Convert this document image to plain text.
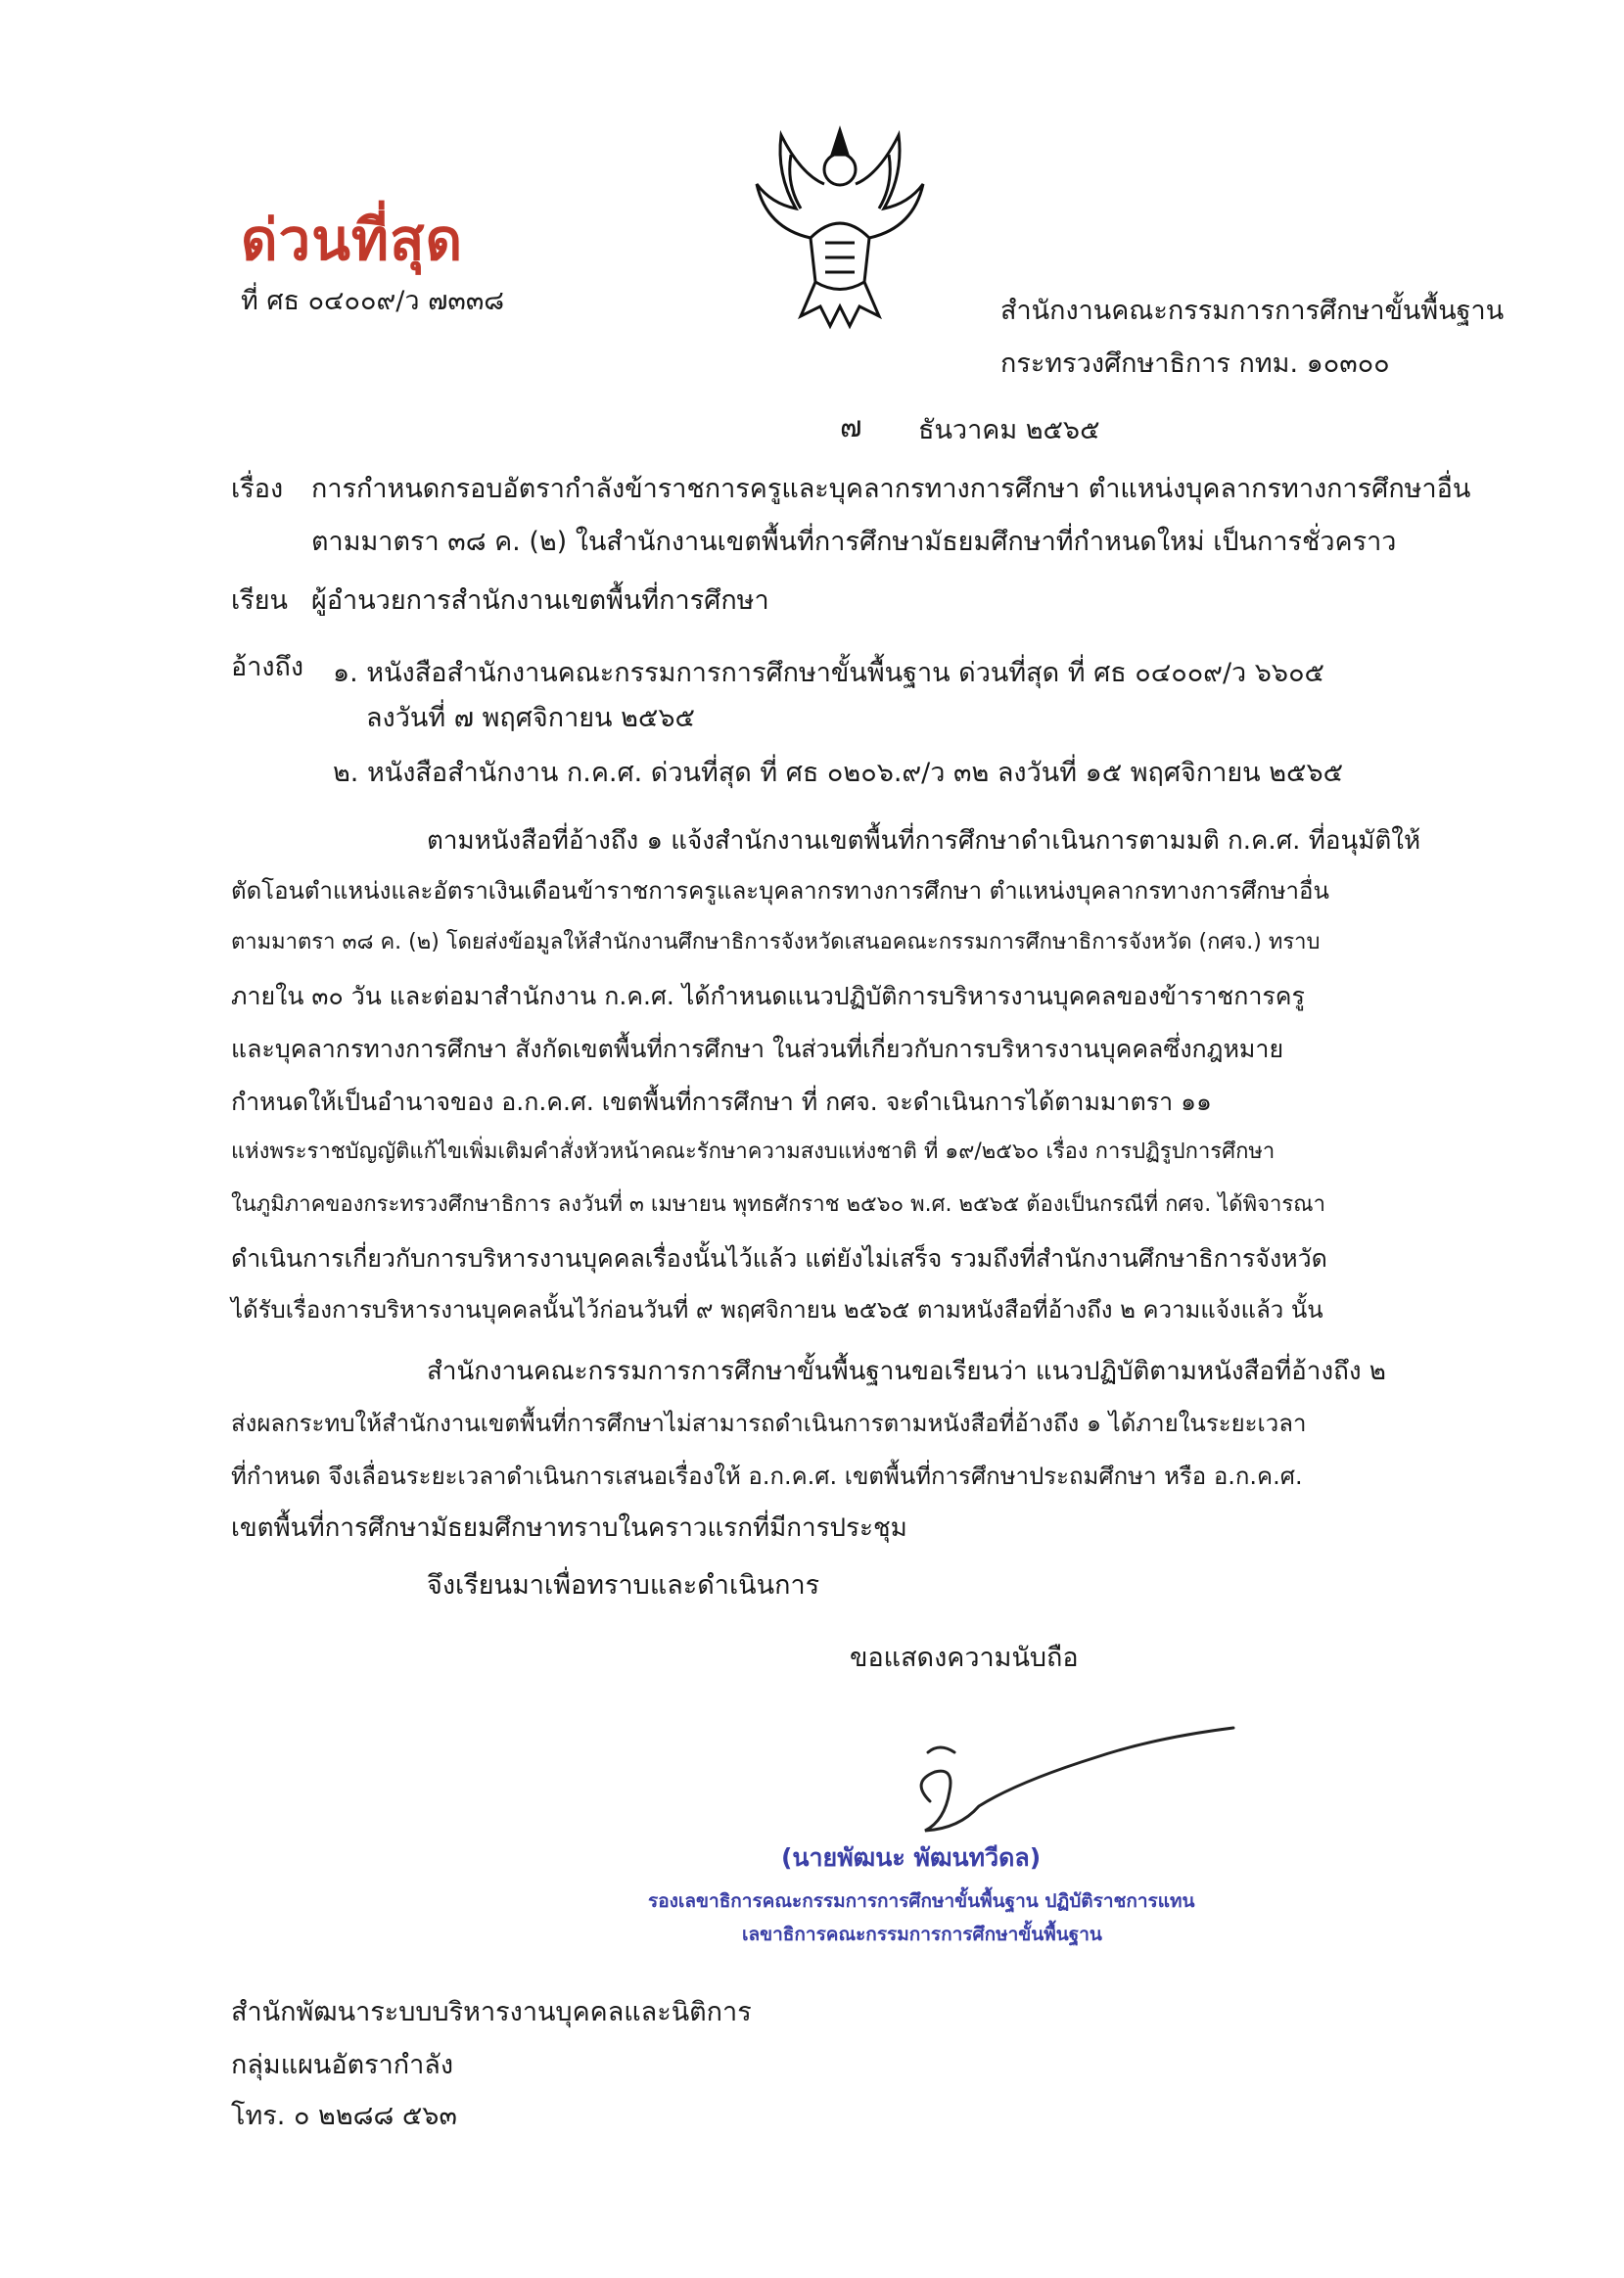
ด่วนที่สุด
ที่ ศธ ๐๔๐๐๙/ว ๗๓๓๘	สำนักงานคณะกรรมการการศึกษาขั้นพื้นฐาน
กระทรวงศึกษาธิการ กทม. ๑๐๓๐๐
๗ ธันวาคม ๒๕๖๕
เรื่อง การกำหนดกรอบอัตรากำลังข้าราชการครูและบุคลากรทางการศึกษา ตำแหน่งบุคลากรทางการศึกษาอื่น
ตามมาตรา ๓๘ ค. (๒) ในสำนักงานเขตพื้นที่การศึกษามัธยมศึกษาที่กำหนดใหม่ เป็นการชั่วคราว
เรียน ผู้อำนวยการสำนักงานเขตพื้นที่การศึกษา
อ้างถึง ๑. หนังสือสำนักงานคณะกรรมการการศึกษาขั้นพื้นฐาน ด่วนที่สุด ที่ ศธ ๐๔๐๐๙/ว ๖๖๐๕
ลงวันที่ ๗ พฤศจิกายน ๒๕๖๕
๒. หนังสือสำนักงาน ก.ค.ศ. ด่วนที่สุด ที่ ศธ ๐๒๐๖.๙/ว ๓๒ ลงวันที่ ๑๕ พฤศจิกายน ๒๕๖๕
ตามหนังสือที่อ้างถึง ๑ แจ้งสำนักงานเขตพื้นที่การศึกษาดำเนินการตามมติ ก.ค.ศ. ที่อนุมัติให้
ตัดโอนตำแหน่งและอัตราเงินเดือนข้าราชการครูและบุคลากรทางการศึกษา ตำแหน่งบุคลากรทางการศึกษาอื่น
ตามมาตรา ๓๘ ค. (๒) โดยส่งข้อมูลให้สำนักงานศึกษาธิการจังหวัดเสนอคณะกรรมการศึกษาธิการจังหวัด (กศจ.) ทราบ
ภายใน ๓๐ วัน และต่อมาสำนักงาน ก.ค.ศ. ได้กำหนดแนวปฏิบัติการบริหารงานบุคคลของข้าราชการครู
และบุคลากรทางการศึกษา สังกัดเขตพื้นที่การศึกษา ในส่วนที่เกี่ยวกับการบริหารงานบุคคลซึ่งกฎหมาย
กำหนดให้เป็นอำนาจของ อ.ก.ค.ศ. เขตพื้นที่การศึกษา ที่ กศจ. จะดำเนินการได้ตามมาตรา ๑๑
แห่งพระราชบัญญัติแก้ไขเพิ่มเติมคำสั่งหัวหน้าคณะรักษาความสงบแห่งชาติ ที่ ๑๙/๒๕๖๐ เรื่อง การปฏิรูปการศึกษา
ในภูมิภาคของกระทรวงศึกษาธิการ ลงวันที่ ๓ เมษายน พุทธศักราช ๒๕๖๐ พ.ศ. ๒๕๖๕ ต้องเป็นกรณีที่ กศจ. ได้พิจารณา
ดำเนินการเกี่ยวกับการบริหารงานบุคคลเรื่องนั้นไว้แล้ว แต่ยังไม่เสร็จ รวมถึงที่สำนักงานศึกษาธิการจังหวัด
ได้รับเรื่องการบริหารงานบุคคลนั้นไว้ก่อนวันที่ ๙ พฤศจิกายน ๒๕๖๕ ตามหนังสือที่อ้างถึง ๒ ความแจ้งแล้ว นั้น
สำนักงานคณะกรรมการการศึกษาขั้นพื้นฐานขอเรียนว่า แนวปฏิบัติตามหนังสือที่อ้างถึง ๒
ส่งผลกระทบให้สำนักงานเขตพื้นที่การศึกษาไม่สามารถดำเนินการตามหนังสือที่อ้างถึง ๑ ได้ภายในระยะเวลา
ที่กำหนด จึงเลื่อนระยะเวลาดำเนินการเสนอเรื่องให้ อ.ก.ค.ศ. เขตพื้นที่การศึกษาประถมศึกษา หรือ อ.ก.ค.ศ.
เขตพื้นที่การศึกษามัธยมศึกษาทราบในคราวแรกที่มีการประชุม
จึงเรียนมาเพื่อทราบและดำเนินการ
ขอแสดงความนับถือ
(นายพัฒนะ พัฒนทวีดล)
รองเลขาธิการคณะกรรมการการศึกษาขั้นพื้นฐาน ปฏิบัติราชการแทน
เลขาธิการคณะกรรมการการศึกษาขั้นพื้นฐาน
สำนักพัฒนาระบบบริหารงานบุคคลและนิติการ
กลุ่มแผนอัตรากำลัง
โทร. ๐ ๒๒๘๘ ๕๖๓
